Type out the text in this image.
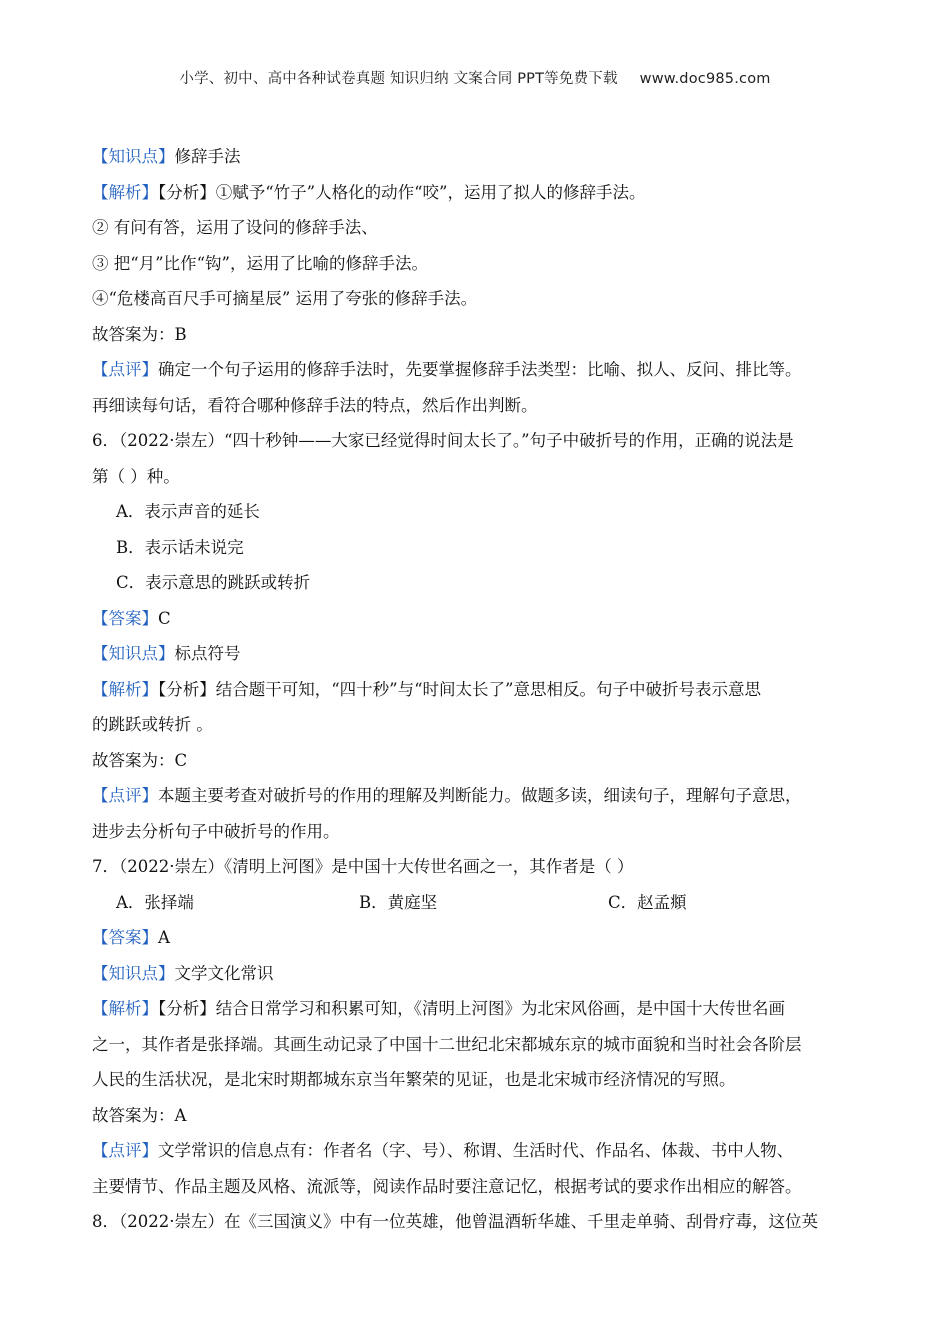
小学、初中、高中各种试卷真题 知识归纳 文案合同 PPT等免费下载 www.doc985.com
【知识点】修辞手法
【解析】【分析】①赋予“竹子”人格化的动作“咬”，运用了拟人的修辞手法。
② 有问有答，运用了设问的修辞手法、
③ 把“月”比作“钩”，运用了比喻的修辞手法。
④“危楼高百尺手可摘星辰” 运用了夸张的修辞手法。
故答案为：B
【点评】确定一个句子运用的修辞手法时，先要掌握修辞手法类型：比喻、拟人、反问、排比等。
再细读每句话，看符合哪种修辞手法的特点，然后作出判断。
6．（2022·崇左）“四十秒钟——大家已经觉得时间太长了。”句子中破折号的作用，正确的说法是
第（ ）种。
A．表示声音的延长
B．表示话未说完
C．表示意思的跳跃或转折
【答案】C
【知识点】标点符号
【解析】【分析】结合题干可知，“四十秒”与“时间太长了”意思相反。句子中破折号表示意思
的跳跃或转折 。
故答案为：C
【点评】本题主要考查对破折号的作用的理解及判断能力。做题多读，细读句子，理解句子意思，
进步去分析句子中破折号的作用。
7．（2022·崇左）《清明上河图》是中国十大传世名画之一，其作者是（ ）
A．张择端	B．黄庭坚	C．赵孟頫
【答案】A
【知识点】文学文化常识
【解析】【分析】结合日常学习和积累可知，《清明上河图》为北宋风俗画，是中国十大传世名画
之一，其作者是张择端。其画生动记录了中国十二世纪北宋都城东京的城市面貌和当时社会各阶层
人民的生活状况，是北宋时期都城东京当年繁荣的见证，也是北宋城市经济情况的写照。
故答案为：A
【点评】文学常识的信息点有：作者名（字、号）、称谓、生活时代、作品名、体裁、书中人物、
主要情节、作品主题及风格、流派等，阅读作品时要注意记忆，根据考试的要求作出相应的解答。
8．（2022·崇左）在《三国演义》中有一位英雄，他曾温酒斩华雄、千里走单骑、刮骨疗毒，这位英
